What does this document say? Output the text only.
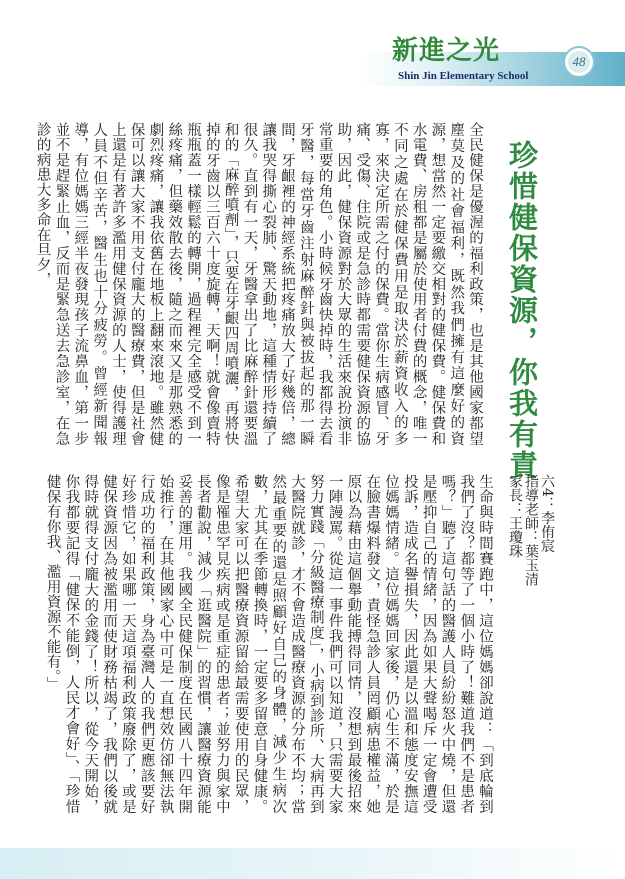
新進之光
Shin Jin Elementary School
48
珍惜健保資源，你我有責
全民健保是優渥的福利政策，也是其他國家都望塵莫及的社會福利，既然我們擁有這麼好的資源，想當然一定要繳交相對的健保費。健保費和水電費、房租都是屬於使用者付費的概念，唯一不同之處在於健保費用是取決於薪資收入的多寡，來決定所需之付的保費。當你生病感冒、牙痛、受傷、住院或是急診時都需要健保資源的協助，因此，健保資源對於大眾的生活來說扮演非常重要的角色。小時候牙齒快掉時，我都得去看牙醫，每當牙齒注射麻醉針與被拔起的那一瞬間，牙齦裡的神經系統把疼痛放大了好幾倍，總讓我哭得撕心裂肺、驚天動地，這種情形持續了很久。直到有一天，牙醫拿出了比麻醉針還要溫和的「麻醉噴劑」，只要在牙齦四周噴灑，再將快掉的牙齒以三百六十度旋轉，天啊！就會像賣特瓶瓶蓋一樣輕鬆的轉開，過程裡完全感受不到一絲疼痛，但藥效散去後，隨之而來又是那熟悉的劇烈疼痛，讓我依舊在地板上翻來滾地。雖然健保可以讓大家不用支付龐大的醫療費，但是社會上還是有著許多濫用健保資源的人士，使得護理人員不但辛苦，醫生也十分疲勞。曾經新聞報導，有位媽媽三經半夜發現孩子流鼻血，第一步並不是趕緊止血，反而是緊急送去急診室，在急診的病患大多命在旦夕，
六4：李侑宸
指導老師：葉玉清
家長：王瓊珠
生命與時間賽跑中，這位媽媽卻說道：「到底輪到我們了沒？都等了一個小時了！難道我們不是患者嗎？」聽了這句話的醫護人員紛紛怒火中燒，但還是壓抑自己的情緒，因為如果大聲喝斥一定會遭受投訴，造成名譽損失，因此還是以溫和態度安撫這位媽媽情緒。這位媽媽回家後，仍心生不滿，於是在臉書爆料發文，責怪急診人員罔顧病患權益，她原以為藉由這個舉動能搏得同情，沒想到最後招來一陣謾罵。從這一事件我們可以知道，只需要大家努力實踐「分級醫療制度」，小病到診所、大病再到大醫院就診，才不會造成醫療資源的分布不均；當然最重要的還是照顧好自己的身體，減少生病次數，尤其在季節轉換時，一定要多留意自身健康。希望大家可以把醫療資源留給最需要使用的民眾，像是罹患罕見疾病或是重症的患者；並努力與家中長者勸說，減少「逛醫院」的習慣，讓醫療資源能妥善的運用。我國全民健保制度在民國八十四年開始推行，在其他國家心中可是一直想效仿卻無法執行成功的福利政策，身為臺灣人的我們更應該要好好珍惜它，如果哪一天這項福利政策廢除了，或是健保資源因為被濫用而使財務枯竭了，我們以後就得時就得支付龐大的金錢了！所以，從今天開始，你我都要記得「健保不能倒，人民才會好」、「珍惜健保有你我、濫用資源不能有。」
